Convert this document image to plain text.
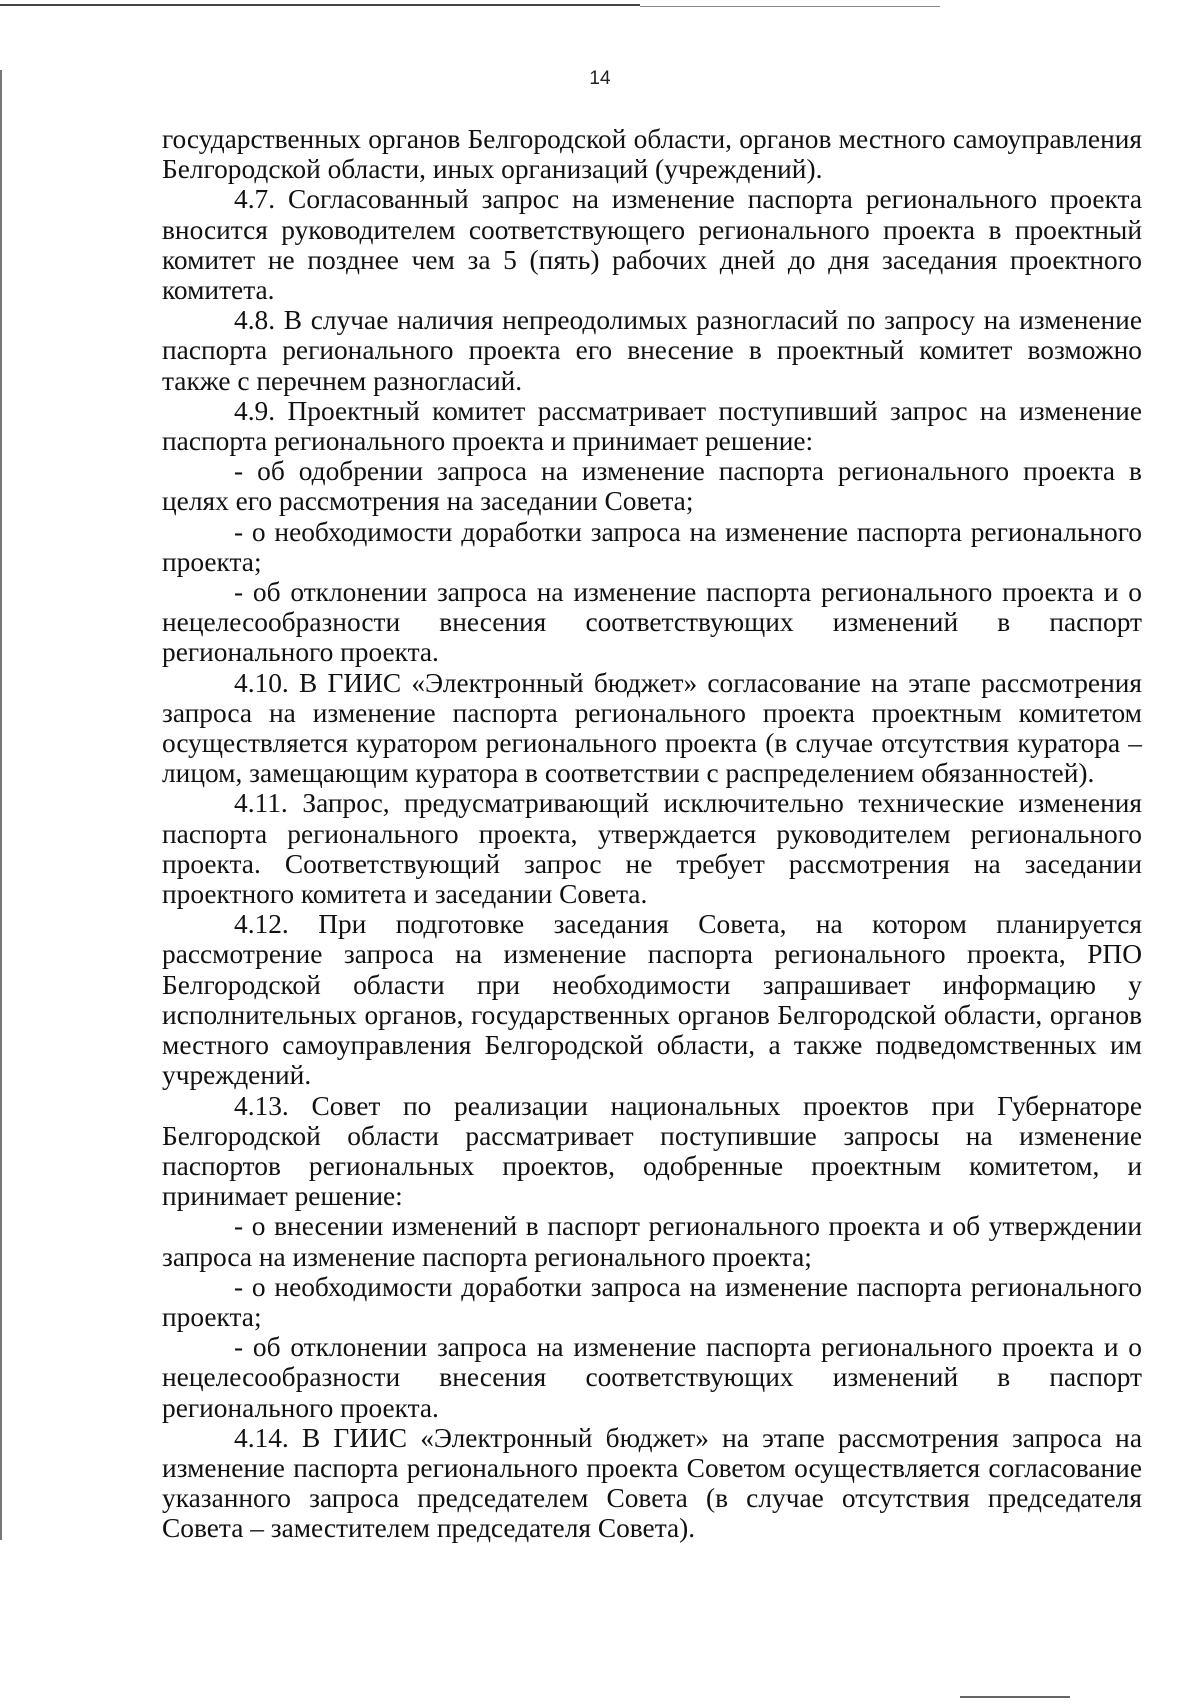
14

государственных органов Белгородской области, органов местного самоуправления Белгородской области, иных организаций (учреждений).

4.7. Согласованный запрос на изменение паспорта регионального проекта вносится руководителем соответствующего регионального проекта в проектный комитет не позднее чем за 5 (пять) рабочих дней до дня заседания проектного комитета.

4.8. В случае наличия непреодолимых разногласий по запросу на изменение паспорта регионального проекта его внесение в проектный комитет возможно также с перечнем разногласий.

4.9. Проектный комитет рассматривает поступивший запрос на изменение паспорта регионального проекта и принимает решение:

- об одобрении запроса на изменение паспорта регионального проекта в целях его рассмотрения на заседании Совета;

- о необходимости доработки запроса на изменение паспорта регионального проекта;

- об отклонении запроса на изменение паспорта регионального проекта и о нецелесообразности внесения соответствующих изменений в паспорт регионального проекта.

4.10. В ГИИС «Электронный бюджет» согласование на этапе рассмотрения запроса на изменение паспорта регионального проекта проектным комитетом осуществляется куратором регионального проекта (в случае отсутствия куратора – лицом, замещающим куратора в соответствии с распределением обязанностей).

4.11. Запрос, предусматривающий исключительно технические изменения паспорта регионального проекта, утверждается руководителем регионального проекта. Соответствующий запрос не требует рассмотрения на заседании проектного комитета и заседании Совета.

4.12. При подготовке заседания Совета, на котором планируется рассмотрение запроса на изменение паспорта регионального проекта, РПО Белгородской области при необходимости запрашивает информацию у исполнительных органов, государственных органов Белгородской области, органов местного самоуправления Белгородской области, а также подведомственных им учреждений.

4.13. Совет по реализации национальных проектов при Губернаторе Белгородской области рассматривает поступившие запросы на изменение паспортов региональных проектов, одобренные проектным комитетом, и принимает решение:

- о внесении изменений в паспорт регионального проекта и об утверждении запроса на изменение паспорта регионального проекта;

- о необходимости доработки запроса на изменение паспорта регионального проекта;

- об отклонении запроса на изменение паспорта регионального проекта и о нецелесообразности внесения соответствующих изменений в паспорт регионального проекта.

4.14. В ГИИС «Электронный бюджет» на этапе рассмотрения запроса на изменение паспорта регионального проекта Советом осуществляется согласование указанного запроса председателем Совета (в случае отсутствия председателя Совета – заместителем председателя Совета).
